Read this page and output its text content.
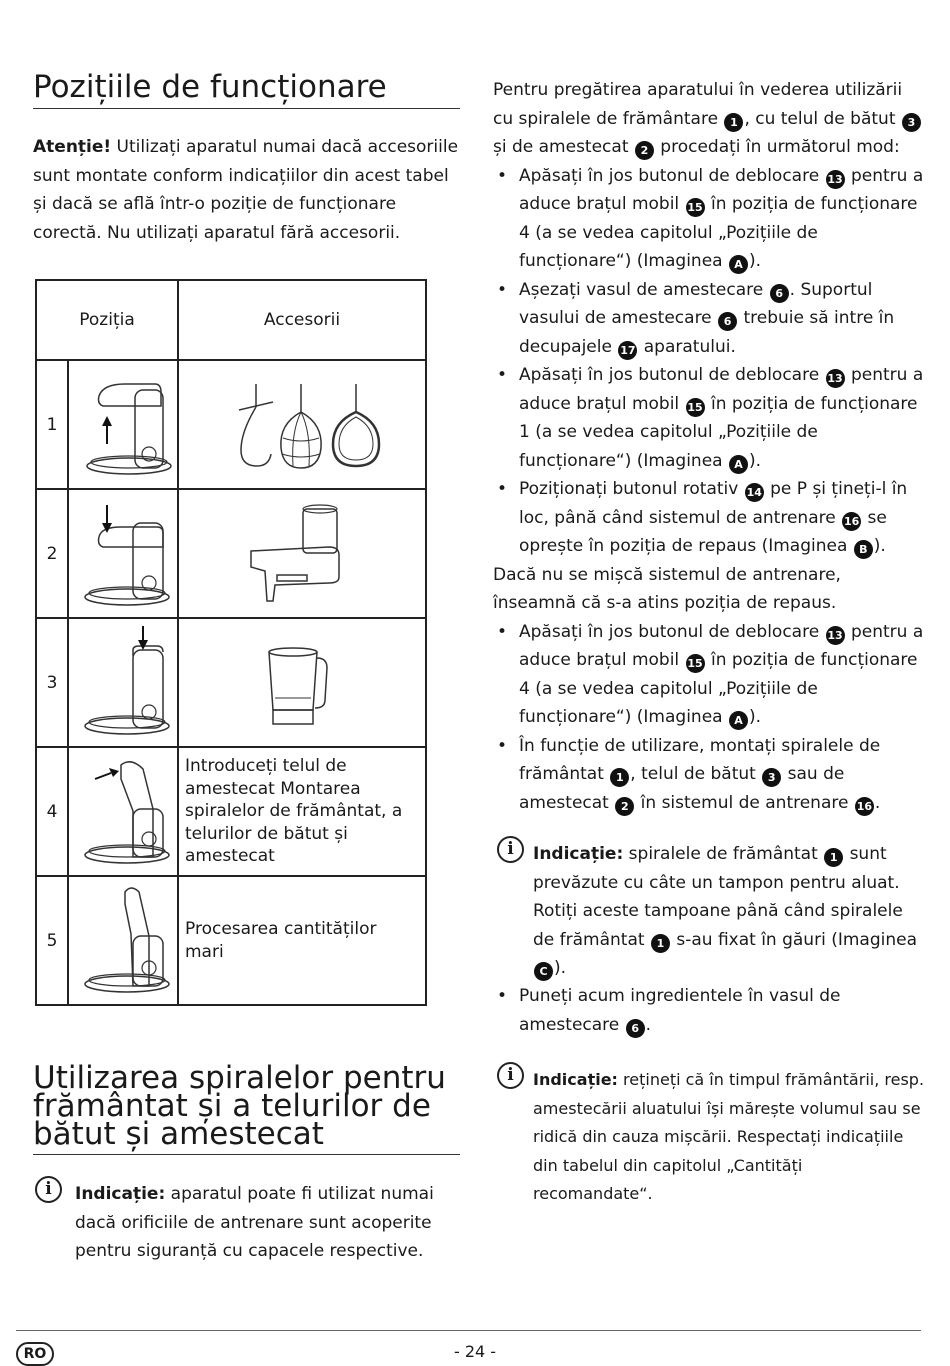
Pozițiile de funcționare
Atenție! Utilizați aparatul numai dacă accesoriile sunt montate conform indicațiilor din acest tabel și dacă se află într-o poziție de funcționare corectă. Nu utilizați aparatul fără accesorii.
Poziția		Accesorii
1	

2	

3	

4		Introduceți telul de amestecat Montarea spiralelor de frământat, a telurilor de bătut și amestecat
5		Procesarea cantităților mari
Utilizarea spiralelor pentru frământat și a telurilor de bătut și amestecat
i	Indicație: aparatul poate fi utilizat numai dacă orificiile de antrenare sunt acoperite pentru siguranță cu capacele respective.
Pentru pregătirea aparatului în vederea utilizării cu spiralele de frământare 1 , cu telul de bătut 3 și de amestecat 2 procedați în următorul mod:
• Apăsați în jos butonul de deblocare 13 pentru a aduce brațul mobil 15 în poziția de funcționare 4 (a se vedea capitolul „Pozițiile de funcționare“) (Imaginea A ).
• Așezați vasul de amestecare 6 . Suportul vasului de amestecare 6 trebuie să intre în decupajele 17 aparatului.
• Apăsați în jos butonul de deblocare 13 pentru a aduce brațul mobil 15 în poziția de funcționare 1 (a se vedea capitolul „Pozițiile de funcționare“) (Imaginea A ).
• Poziționați butonul rotativ 14 pe P și țineți-l în loc, până când sistemul de antrenare 16 se oprește în poziția de repaus (Imaginea B ).
Dacă nu se mișcă sistemul de antrenare, înseamnă că s-a atins poziția de repaus.
• Apăsați în jos butonul de deblocare 13 pentru a aduce brațul mobil 15 în poziția de funcționare 4 (a se vedea capitolul „Pozițiile de funcționare“) (Imaginea A ).
• În funcție de utilizare, montați spiralele de frământat 1 , telul de bătut 3 sau de amestecat 2 în sistemul de antrenare 16 .
i	Indicație: spiralele de frământat 1 sunt prevăzute cu câte un tampon pentru aluat. Rotiți aceste tampoane până când spiralele de frământat 1 s-au fixat în găuri (Imaginea C ).
• Puneți acum ingredientele în vasul de amestecare 6 .
i	Indicație: rețineți că în timpul frământării, resp. amestecării aluatului își mărește volumul sau se ridică din cauza mișcării. Respectați indicațiile din tabelul din capitolul „Cantități recomandate“.
RO	- 24 -
